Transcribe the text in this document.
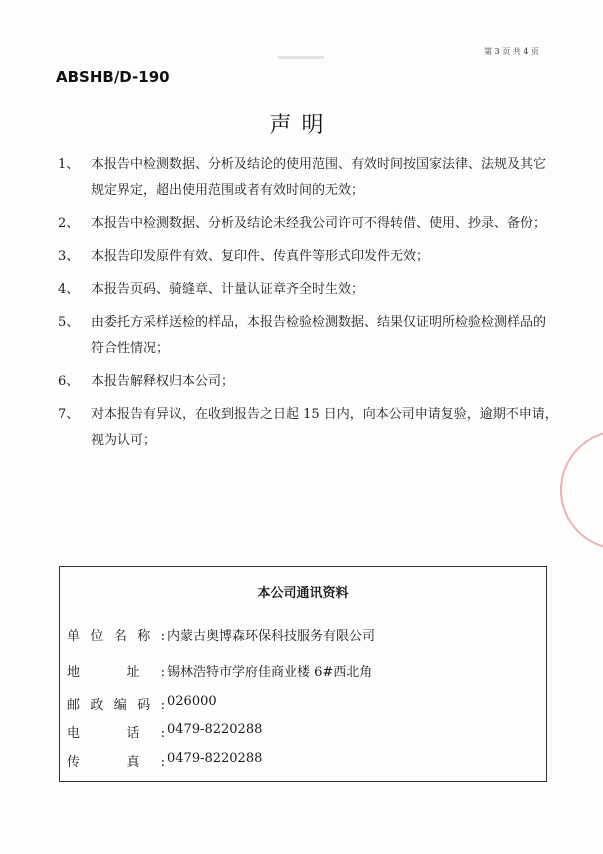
第 3 页 共 4 页
ABSHB/D-190
声明
1、 本报告中检测数据、分析及结论的使用范围、有效时间按国家法律、法规及其它规定界定，超出使用范围或者有效时间的无效；
2、 本报告中检测数据、分析及结论未经我公司许可不得转借、使用、抄录、备份；
3、 本报告印发原件有效、复印件、传真件等形式印发件无效；
4、 本报告页码、骑缝章、计量认证章齐全时生效；
5、 由委托方采样送检的样品，本报告检验检测数据、结果仅证明所检验检测样品的符合性情况；
6、 本报告解释权归本公司；
7、 对本报告有异议，在收到报告之日起 15 日内，向本公司申请复验，逾期不申请，视为认可；
本公司通讯资料
单位名称: 内蒙古奥博森环保科技服务有限公司
地 址: 锡林浩特市学府佳商业楼 6#西北角
邮政编码: 026000
电 话: 0479-8220288
传 真: 0479-8220288
